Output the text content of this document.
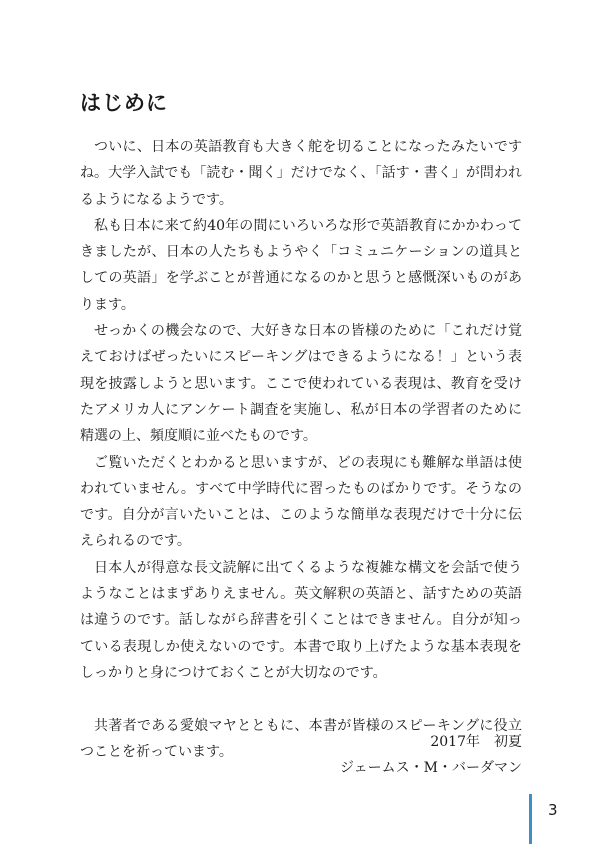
はじめに

ついに、日本の英語教育も大きく舵を切ることになったみたいですね。大学入試でも「読む・聞く」だけでなく、「話す・書く」が問われるようになるようです。

私も日本に来て約40年の間にいろいろな形で英語教育にかかわってきましたが、日本の人たちもようやく「コミュニケーションの道具としての英語」を学ぶことが普通になるのかと思うと感慨深いものがあります。

せっかくの機会なので、大好きな日本の皆様のために「これだけ覚えておけばぜったいにスピーキングはできるようになる！」という表現を披露しようと思います。ここで使われている表現は、教育を受けたアメリカ人にアンケート調査を実施し、私が日本の学習者のために精選の上、頻度順に並べたものです。

ご覧いただくとわかると思いますが、どの表現にも難解な単語は使われていません。すべて中学時代に習ったものばかりです。そうなのです。自分が言いたいことは、このような簡単な表現だけで十分に伝えられるのです。

日本人が得意な長文読解に出てくるような複雑な構文を会話で使うようなことはまずありえません。英文解釈の英語と、話すための英語は違うのです。話しながら辞書を引くことはできません。自分が知っている表現しか使えないのです。本書で取り上げたような基本表現をしっかりと身につけておくことが大切なのです。

共著者である愛娘マヤとともに、本書が皆様のスピーキングに役立つことを祈っています。

2017年　初夏
ジェームス・M・バーダマン
3
